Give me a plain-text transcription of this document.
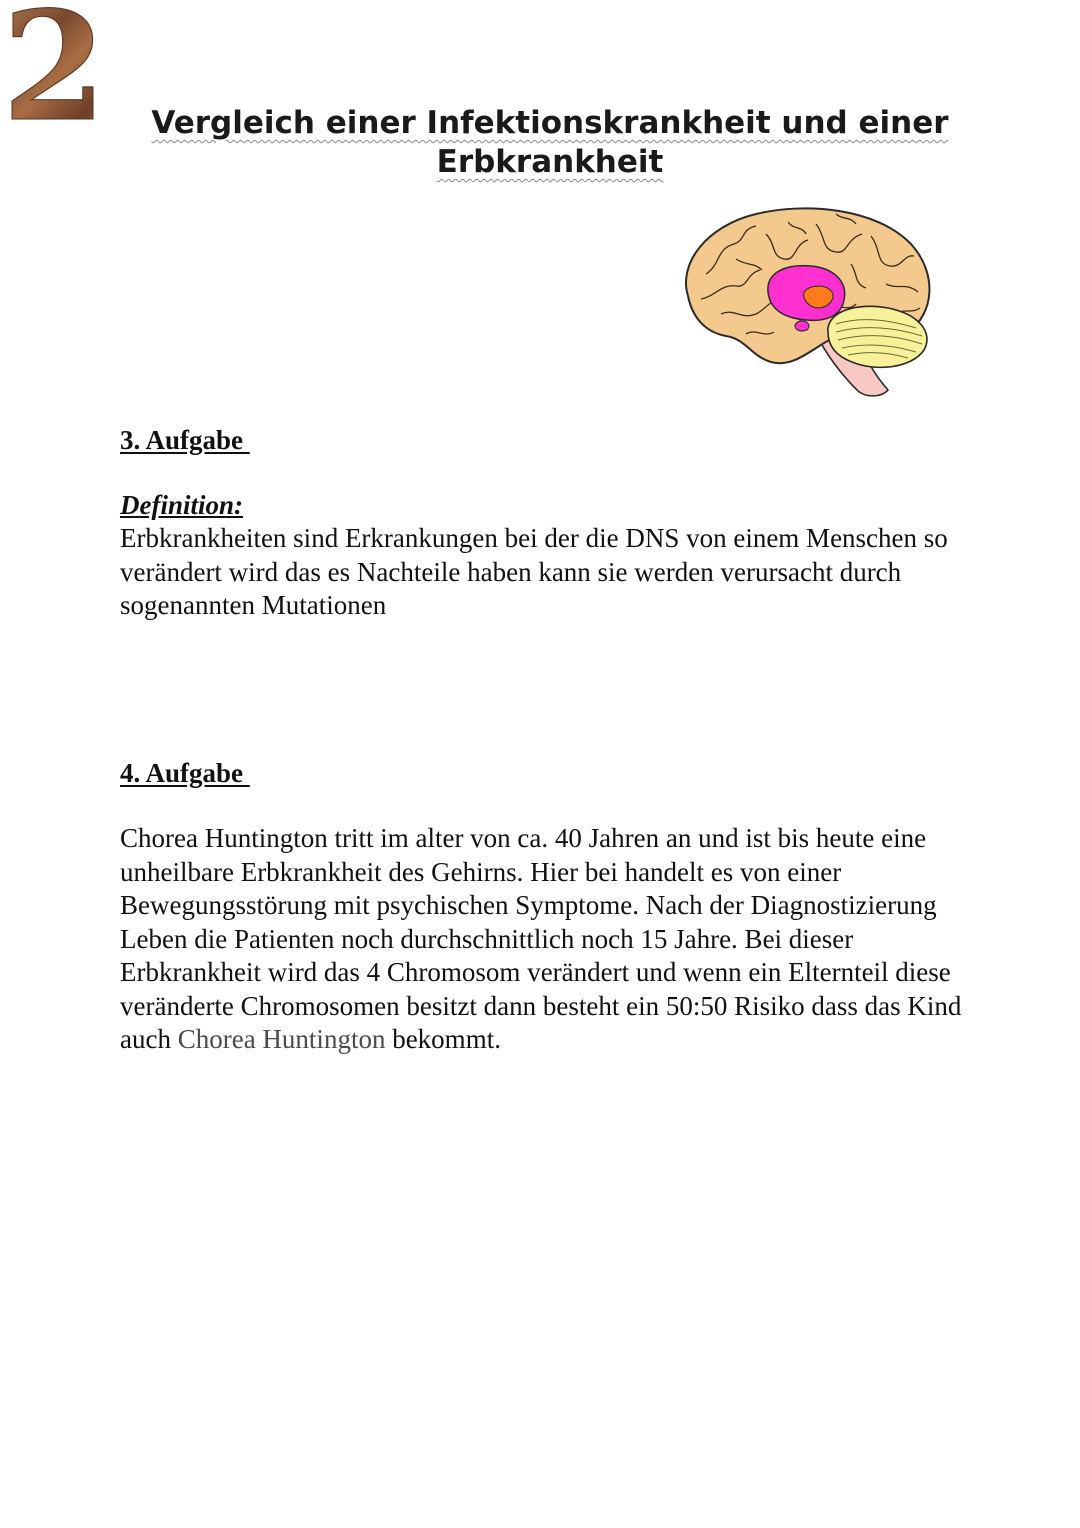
2	Vergleich einer Infektionskrankheit und einer Erbkrankheit
3. Aufgabe
Definition:

Erbkrankheiten sind Erkrankungen bei der die DNS von einem Menschen so verändert wird das es Nachteile haben kann sie werden verursacht durch sogenannten Mutationen

4. Aufgabe

Chorea Huntington tritt im alter von ca. 40 Jahren an und ist bis heute eine unheilbare Erbkrankheit des Gehirns. Hier bei handelt es von einer Bewegungsstörung mit psychischen Symptome. Nach der Diagnostizierung Leben die Patienten noch durchschnittlich noch 15 Jahre. Bei dieser Erbkrankheit wird das 4 Chromosom verändert und wenn ein Elternteil diese veränderte Chromosomen besitzt dann besteht ein 50:50 Risiko dass das Kind auch Chorea Huntington bekommt.
